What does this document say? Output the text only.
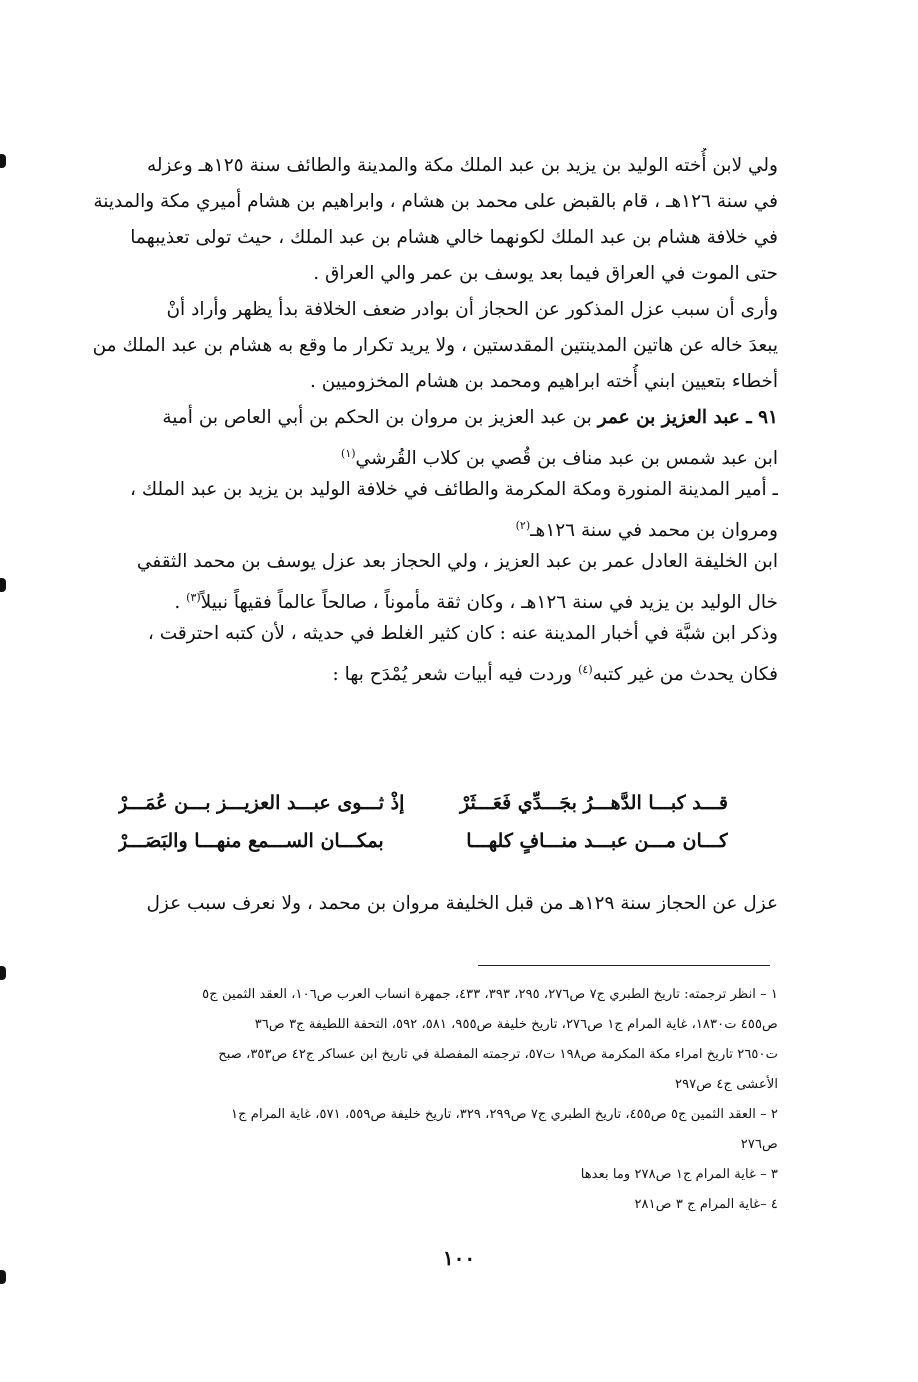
ولي لابن أُخته الوليد بن يزيد بن عبد الملك مكة والمدينة والطائف سنة ١٢٥هـ وعزله
في سنة ١٢٦هـ ، قام بالقبض على محمد بن هشام ، وابراهيم بن هشام أميري مكة والمدينة
في خلافة هشام بن عبد الملك لكونهما خالي هشام بن عبد الملك ، حيث تولى تعذيبهما
حتى الموت في العراق فيما بعد يوسف بن عمر والي العراق .
وأرى أن سبب عزل المذكور عن الحجاز أن بوادر ضعف الخلافة بدأ يظهر وأراد أنْ
يبعدَ خاله عن هاتين المدينتين المقدستين ، ولا يريد تكرار ما وقع به هشام بن عبد الملك من
أخطاء بتعيين ابني أُخته ابراهيم ومحمد بن هشام المخزوميين .
٩١ ـ عبد العزيز بن عمر بن عبد العزيز بن مروان بن الحكم بن أبي العاص بن أمية
ابن عبد شمس بن عبد مناف بن قُصي بن كلاب القُرشي$^{(١)}$
ـ أمير المدينة المنورة ومكة المكرمة والطائف في خلافة الوليد بن يزيد بن عبد الملك ،
ومروان بن محمد في سنة ١٢٦هـ$^{(٢)}$
ابن الخليفة العادل عمر بن عبد العزيز ، ولي الحجاز بعد عزل يوسف بن محمد الثقفي
خال الوليد بن يزيد في سنة ١٢٦هـ ، وكان ثقة مأموناً ، صالحاً عالماً فقيهاً نبيلاً$^{(٣)}$ .
وذكر ابن شبَّة في أخبار المدينة عنه : كان كثير الغلط في حديثه ، لأن كتبه احترقت ،
فكان يحدث من غير كتبه$^{(٤)}$ وردت فيه أبيات شعر يُمْدَح بها :
قـــد كبـــا الدَّهـــرُ بجَـــدِّي فَعَـــثَرْ
إذْ ثـــوى عبـــد العزيـــز بـــن عُمَـــرْ
كـــان مـــن عبـــد منـــافٍ كلهـــا
بمكـــان الســـمع منهـــا والبَصَـــرْ
عزل عن الحجاز سنة ١٢٩هـ من قبل الخليفة مروان بن محمد ، ولا نعرف سبب عزل
١ – انظر ترجمته: تاريخ الطبري ج٧ ص٢٧٦، ٢٩٥، ٣٩٣، ٤٣٣، جمهرة انساب العرب ص١٠٦، العقد الثمين ج٥
ص٤٥٥ ت١٨٣٠، غاية المرام ج١ ص٢٧٦، تاريخ خليفة ص٩٥٥، ٥٨١، ٥٩٢، التحفة اللطيفة ج٣ ص٣٦
ت٢٦٥٠ تاريخ امراء مكة المكرمة ص١٩٨ ت٥٧، ترجمته المفصلة في تاريخ ابن عساكر ج٤٢ ص٣٥٣، صبح
الأعشى ج٤ ص٢٩٧
٢ – العقد الثمين ج٥ ص٤٥٥، تاريخ الطبري ج٧ ص٢٩٩، ٣٢٩، تاريخ خليفة ص٥٥٩، ٥٧١، غاية المرام ج١
ص٢٧٦
٣ – غاية المرام ج١ ص٢٧٨ وما بعدها
٤ –غاية المرام ج ٣ ص٢٨١
١٠٠
